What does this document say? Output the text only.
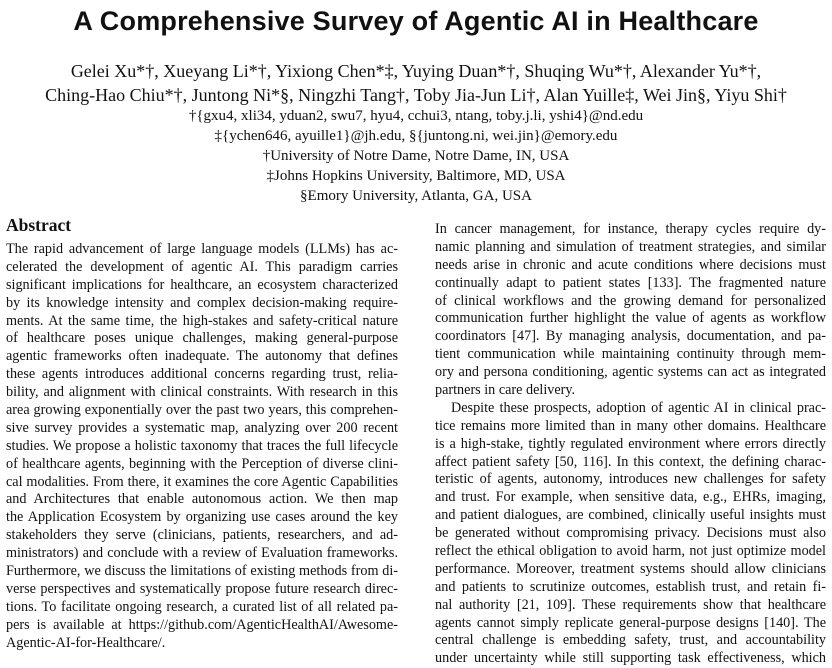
A Comprehensive Survey of Agentic AI in Healthcare
Gelei Xu*†, Xueyang Li*†, Yixiong Chen*‡, Yuying Duan*†, Shuqing Wu*†, Alexander Yu*†,
Ching-Hao Chiu*†, Juntong Ni*§, Ningzhi Tang†, Toby Jia-Jun Li†, Alan Yuille‡, Wei Jin§, Yiyu Shi†
†{gxu4, xli34, yduan2, swu7, hyu4, cchui3, ntang, toby.j.li, yshi4}@nd.edu
‡{ychen646, ayuille1}@jh.edu, §{juntong.ni, wei.jin}@emory.edu
†University of Notre Dame, Notre Dame, IN, USA
‡Johns Hopkins University, Baltimore, MD, USA
§Emory University, Atlanta, GA, USA
Abstract
The rapid advancement of large language models (LLMs) has ac-
celerated the development of agentic AI. This paradigm carries
significant implications for healthcare, an ecosystem characterized
by its knowledge intensity and complex decision-making require-
ments. At the same time, the high-stakes and safety-critical nature
of healthcare poses unique challenges, making general-purpose
agentic frameworks often inadequate. The autonomy that defines
these agents introduces additional concerns regarding trust, relia-
bility, and alignment with clinical constraints. With research in this
area growing exponentially over the past two years, this comprehen-
sive survey provides a systematic map, analyzing over 200 recent
studies. We propose a holistic taxonomy that traces the full lifecycle
of healthcare agents, beginning with the Perception of diverse clini-
cal modalities. From there, it examines the core Agentic Capabilities
and Architectures that enable autonomous action. We then map
the Application Ecosystem by organizing use cases around the key
stakeholders they serve (clinicians, patients, researchers, and ad-
ministrators) and conclude with a review of Evaluation frameworks.
Furthermore, we discuss the limitations of existing methods from di-
verse perspectives and systematically propose future research direc-
tions. To facilitate ongoing research, a curated list of all related pa-
pers is available at https://github.com/AgenticHealthAI/Awesome-
Agentic-AI-for-Healthcare/.
In cancer management, for instance, therapy cycles require dy-
namic planning and simulation of treatment strategies, and similar
needs arise in chronic and acute conditions where decisions must
continually adapt to patient states [133]. The fragmented nature
of clinical workflows and the growing demand for personalized
communication further highlight the value of agents as workflow
coordinators [47]. By managing analysis, documentation, and pa-
tient communication while maintaining continuity through mem-
ory and persona conditioning, agentic systems can act as integrated
partners in care delivery.
Despite these prospects, adoption of agentic AI in clinical prac-
tice remains more limited than in many other domains. Healthcare
is a high-stake, tightly regulated environment where errors directly
affect patient safety [50, 116]. In this context, the defining charac-
teristic of agents, autonomy, introduces new challenges for safety
and trust. For example, when sensitive data, e.g., EHRs, imaging,
and patient dialogues, are combined, clinically useful insights must
be generated without compromising privacy. Decisions must also
reflect the ethical obligation to avoid harm, not just optimize model
performance. Moreover, treatment systems should allow clinicians
and patients to scrutinize outcomes, establish trust, and retain fi-
nal authority [21, 109]. These requirements show that healthcare
agents cannot simply replicate general-purpose designs [140]. The
central challenge is embedding safety, trust, and accountability
under uncertainty while still supporting task effectiveness, which
